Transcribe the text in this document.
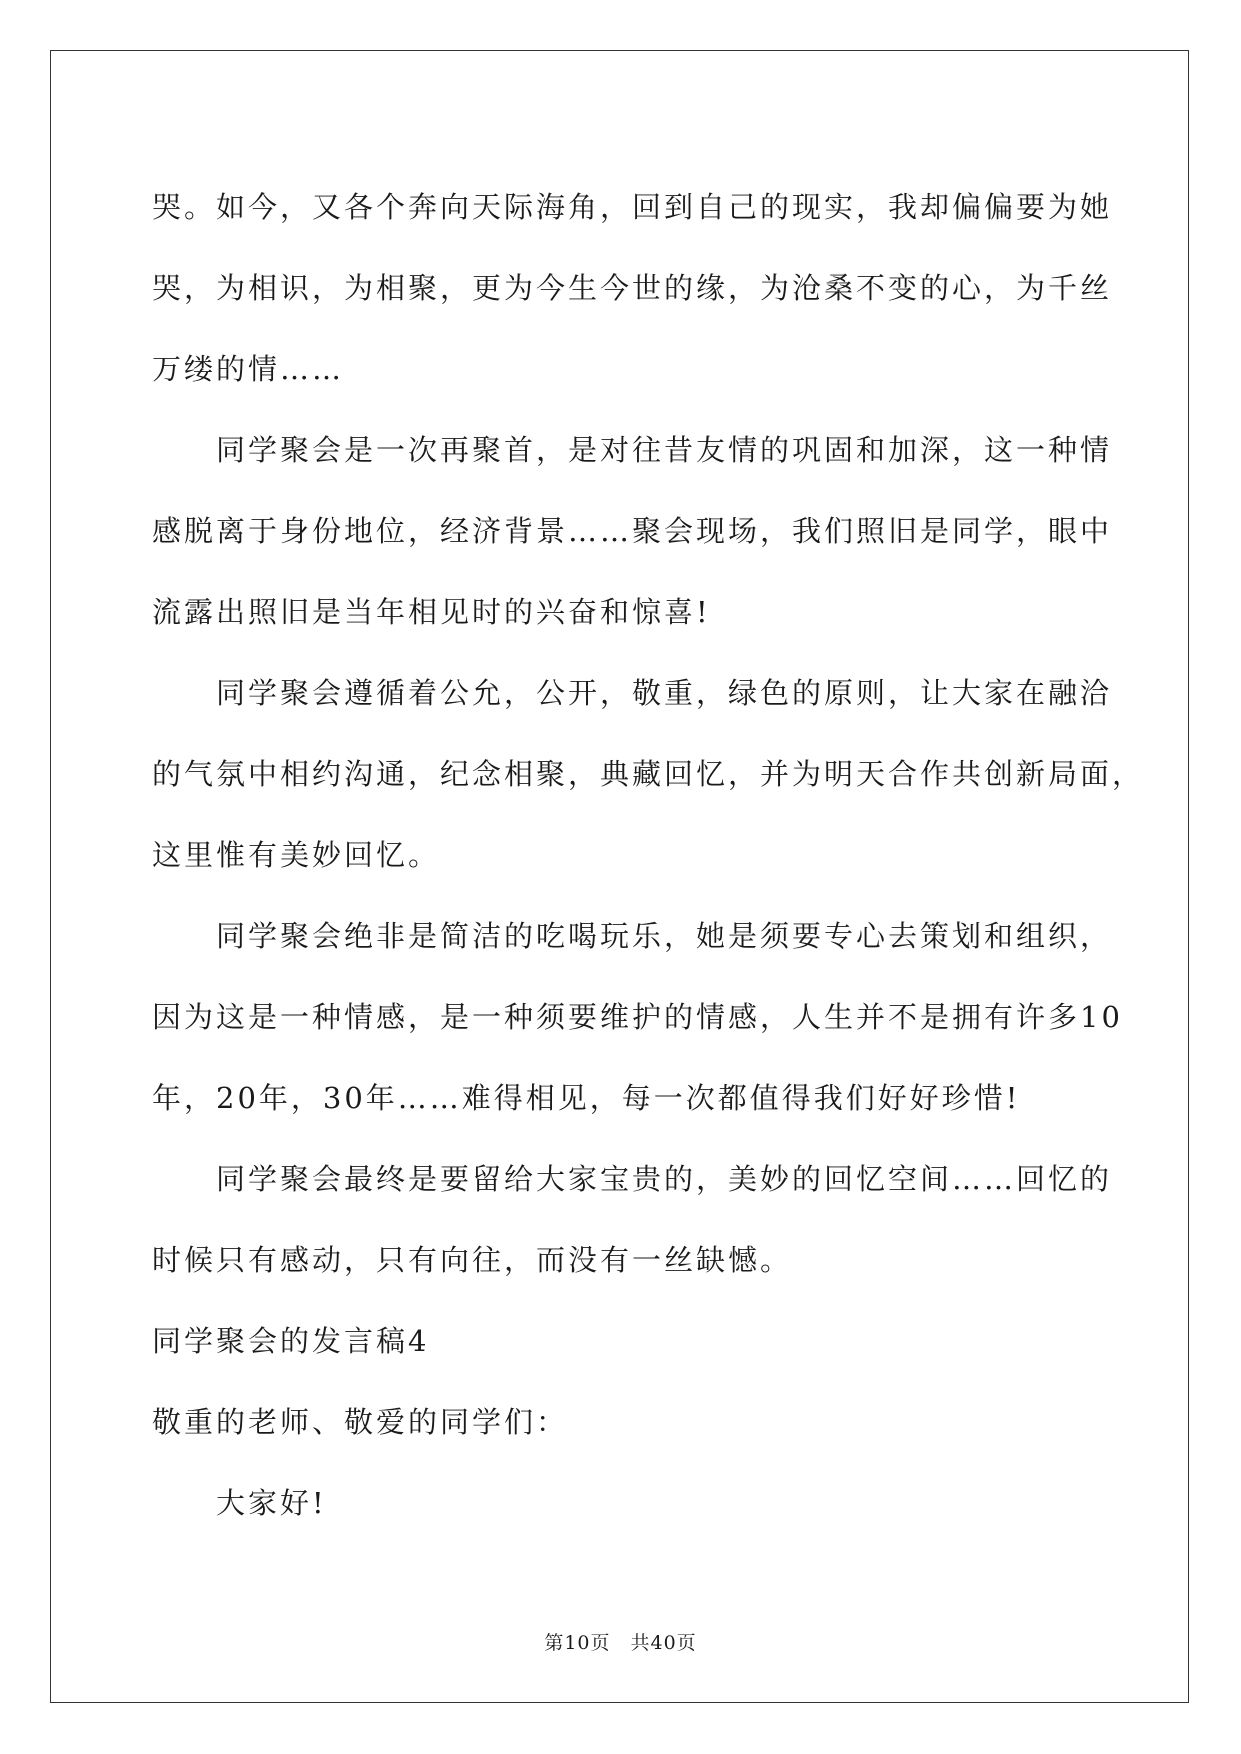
哭。如今，又各个奔向天际海角，回到自己的现实，我却偏偏要为她

哭，为相识，为相聚，更为今生今世的缘，为沧桑不变的心，为千丝

万缕的情……

同学聚会是一次再聚首，是对往昔友情的巩固和加深，这一种情

感脱离于身份地位，经济背景……聚会现场，我们照旧是同学，眼中

流露出照旧是当年相见时的兴奋和惊喜!

同学聚会遵循着公允，公开，敬重，绿色的原则，让大家在融洽

的气氛中相约沟通，纪念相聚，典藏回忆，并为明天合作共创新局面，

这里惟有美妙回忆。

同学聚会绝非是简洁的吃喝玩乐，她是须要专心去策划和组织，

因为这是一种情感，是一种须要维护的情感，人生并不是拥有许多10

年，20年，30年……难得相见，每一次都值得我们好好珍惜!

同学聚会最终是要留给大家宝贵的，美妙的回忆空间……回忆的

时候只有感动，只有向往，而没有一丝缺憾。

同学聚会的发言稿4

敬重的老师、敬爱的同学们：

大家好!

第10页 共40页
